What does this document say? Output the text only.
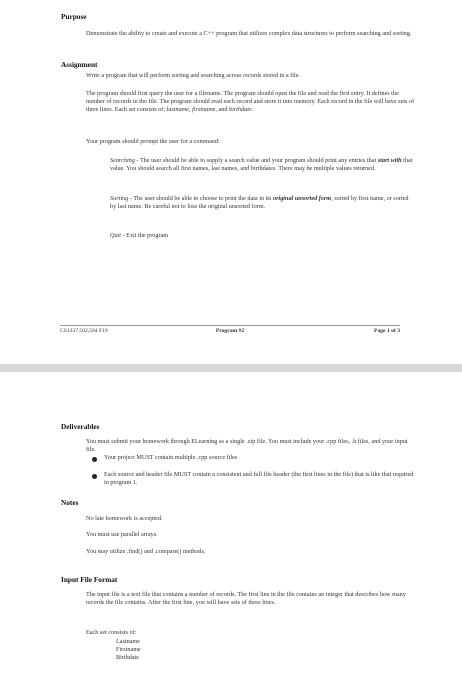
Purpose
Demonstrate the ability to create and execute a C++ program that utilizes complex data structures to perform searching and sorting.
Assignment
Write a program that will perform sorting and searching across records stored in a file.
The program should first query the user for a filename. The program should open the file and read the first entry. It defines the number of records in the file. The program should read each record and store it into memory. Each record in the file will have sets of three lines. Each set consists of: lastname, firstname, and birthdate.
Your program should prompt the user for a command:
Searching - The user should be able to supply a search value and your program should print any entries that start with that value. You should search all first names, last names, and birthdates. There may be multiple values returned.
Sorting - The user should be able to choose to print the data in its original unsorted form, sorted by first name, or sorted by last name. Be careful not to lose the original unsorted form.
Quit - Exit the program
CS1337.502,504 F19	Program #2	Page 1 of 3
Deliverables
You must submit your homework through ELearning as a single .zip file. You must include your .cpp files, .h files, and your input file.
Your project MUST contain multiple .cpp source files
Each source and header file MUST contain a consistent and full file header (the first lines in the file) that is like that required in program 1.
Notes
No late homework is accepted.
You must use parallel arrays.
You may utilize .find() and .compare() methods.
Input File Format
The input file is a text file that contains a number of records. The first line in the file contains an integer that describes how many records the file contains. After the first line, you will have sets of three lines.
Each set consists of:
Lastname
Firstname
Birthdate
